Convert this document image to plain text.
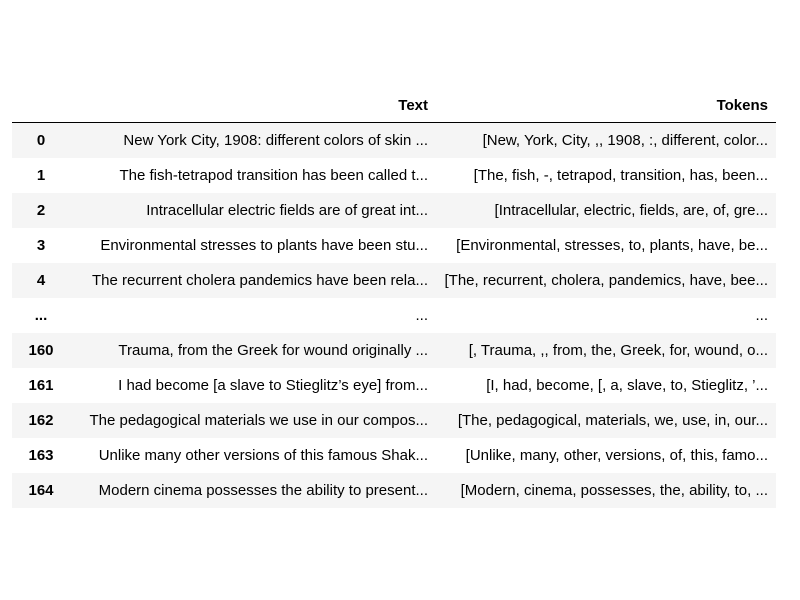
	Text	Tokens
0	New York City, 1908: different colors of skin ...	[New, York, City, ,, 1908, :, different, color...
1	The fish-tetrapod transition has been called t...	[The, fish, -, tetrapod, transition, has, been...
2	Intracellular electric fields are of great int...	[Intracellular, electric, fields, are, of, gre...
3	Environmental stresses to plants have been stu...	[Environmental, stresses, to, plants, have, be...
4	The recurrent cholera pandemics have been rela...	[The, recurrent, cholera, pandemics, have, bee...
...	...	...
160	Trauma, from the Greek for wound originally ...	[, Trauma, ,, from, the, Greek, for, wound, o...
161	I had become [a slave to Stieglitz’s eye] from...	[I, had, become, [, a, slave, to, Stieglitz, ’...
162	The pedagogical materials we use in our compos...	[The, pedagogical, materials, we, use, in, our...
163	Unlike many other versions of this famous Shak...	[Unlike, many, other, versions, of, this, famo...
164	Modern cinema possesses the ability to present...	[Modern, cinema, possesses, the, ability, to, ...
